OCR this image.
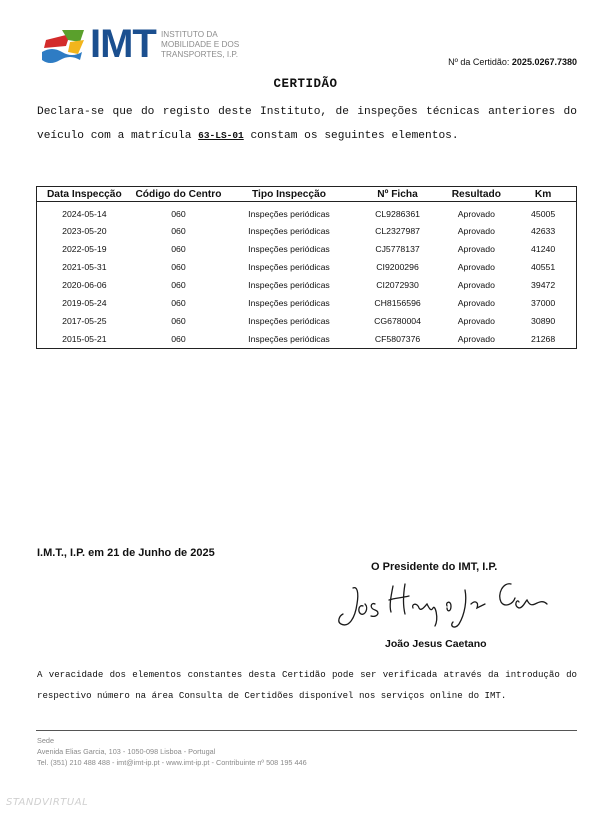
IMT INSTITUTO DA
MOBILIDADE E DOS
TRANSPORTES, I.P.
Nº da Certidão: 2025.0267.7380
CERTIDÃO
Declara-se que do registo deste Instituto, de inspeções técnicas anteriores do veículo com a matrícula 63-LS-01 constam os seguintes elementos.
Data Inspecção	Código do Centro	Tipo Inspecção	Nº Ficha	Resultado	Km
2024-05-14	060	Inspeções periódicas	CL9286361	Aprovado	45005
2023-05-20	060	Inspeções periódicas	CL2327987	Aprovado	42633
2022-05-19	060	Inspeções periódicas	CJ5778137	Aprovado	41240
2021-05-31	060	Inspeções periódicas	CI9200296	Aprovado	40551
2020-06-06	060	Inspeções periódicas	CI2072930	Aprovado	39472
2019-05-24	060	Inspeções periódicas	CH8156596	Aprovado	37000
2017-05-25	060	Inspeções periódicas	CG6780004	Aprovado	30890
2015-05-21	060	Inspeções periódicas	CF5807376	Aprovado	21268
I.M.T., I.P. em 21 de Junho de 2025
O Presidente do IMT, I.P.
João Jesus Caetano
A veracidade dos elementos constantes desta Certidão pode ser verificada através da introdução do respectivo número na área Consulta de Certidões disponível nos serviços online do IMT.
Sede
Avenida Elias Garcia, 103 - 1050-098 Lisboa - Portugal
Tel. (351) 210 488 488 - imt@imt-ip.pt - www.imt-ip.pt - Contribuinte nº 508 195 446
STANDVIRTUAL
